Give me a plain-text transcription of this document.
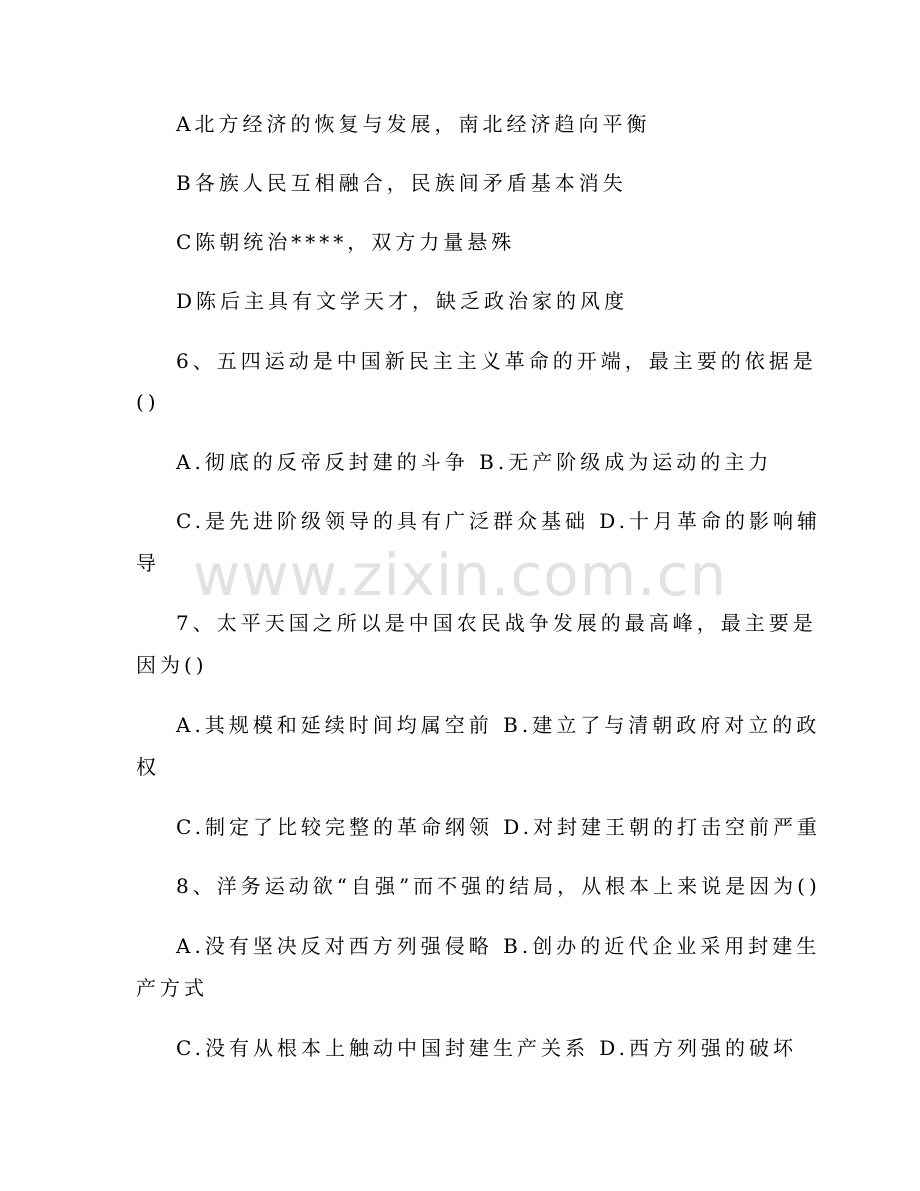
A北方经济的恢复与发展，南北经济趋向平衡
B各族人民互相融合，民族间矛盾基本消失
C陈朝统治****，双方力量悬殊
D陈后主具有文学天才，缺乏政治家的风度
6、五四运动是中国新民主主义革命的开端，最主要的依据是
()
A.彻底的反帝反封建的斗争 B.无产阶级成为运动的主力
C.是先进阶级领导的具有广泛群众基础 D.十月革命的影响辅
导
7、太平天国之所以是中国农民战争发展的最高峰，最主要是
因为()
A.其规模和延续时间均属空前 B.建立了与清朝政府对立的政
权
C.制定了比较完整的革命纲领 D.对封建王朝的打击空前严重
8、洋务运动欲“自强”而不强的结局，从根本上来说是因为()
A.没有坚决反对西方列强侵略 B.创办的近代企业采用封建生
产方式
C.没有从根本上触动中国封建生产关系 D.西方列强的破坏
www.zixin.com.cn
